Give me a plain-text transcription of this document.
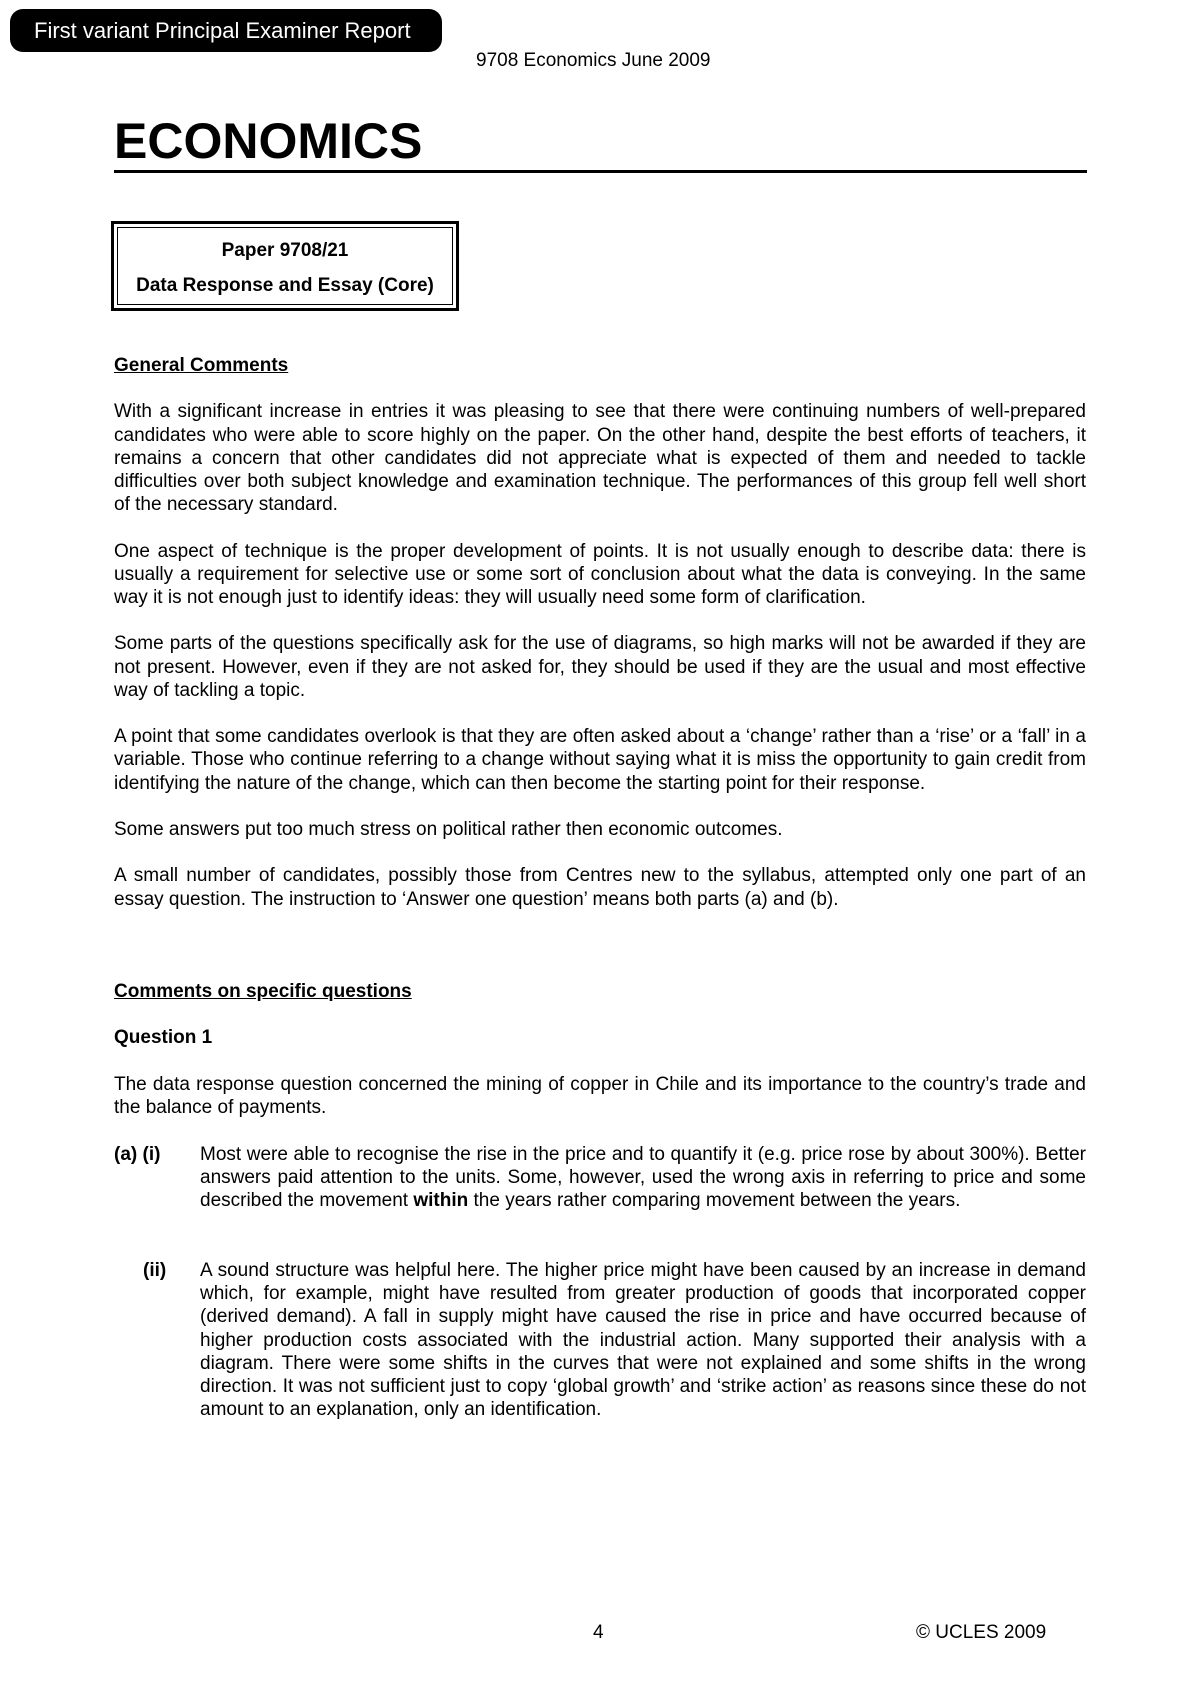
First variant Principal Examiner Report
9708 Economics June 2009
ECONOMICS
Paper 9708/21
Data Response and Essay (Core)

General Comments

With a significant increase in entries it was pleasing to see that there were continuing numbers of well-prepared candidates who were able to score highly on the paper. On the other hand, despite the best efforts of teachers, it remains a concern that other candidates did not appreciate what is expected of them and needed to tackle difficulties over both subject knowledge and examination technique. The performances of this group fell well short of the necessary standard.

One aspect of technique is the proper development of points. It is not usually enough to describe data: there is usually a requirement for selective use or some sort of conclusion about what the data is conveying. In the same way it is not enough just to identify ideas: they will usually need some form of clarification.

Some parts of the questions specifically ask for the use of diagrams, so high marks will not be awarded if they are not present. However, even if they are not asked for, they should be used if they are the usual and most effective way of tackling a topic.

A point that some candidates overlook is that they are often asked about a ‘change’ rather than a ‘rise’ or a ‘fall’ in a variable. Those who continue referring to a change without saying what it is miss the opportunity to gain credit from identifying the nature of the change, which can then become the starting point for their response.

Some answers put too much stress on political rather then economic outcomes.

A small number of candidates, possibly those from Centres new to the syllabus, attempted only one part of an essay question. The instruction to ‘Answer one question’ means both parts (a) and (b).

Comments on specific questions

Question 1

The data response question concerned the mining of copper in Chile and its importance to the country’s trade and the balance of payments.

(a) (i) Most were able to recognise the rise in the price and to quantify it (e.g. price rose by about 300%). Better answers paid attention to the units. Some, however, used the wrong axis in referring to price and some described the movement within the years rather comparing movement between the years.
(ii) A sound structure was helpful here. The higher price might have been caused by an increase in demand which, for example, might have resulted from greater production of goods that incorporated copper (derived demand). A fall in supply might have caused the rise in price and have occurred because of higher production costs associated with the industrial action. Many supported their analysis with a diagram. There were some shifts in the curves that were not explained and some shifts in the wrong direction. It was not sufficient just to copy ‘global growth’ and ‘strike action’ as reasons since these do not amount to an explanation, only an identification.
4	© UCLES 2009
